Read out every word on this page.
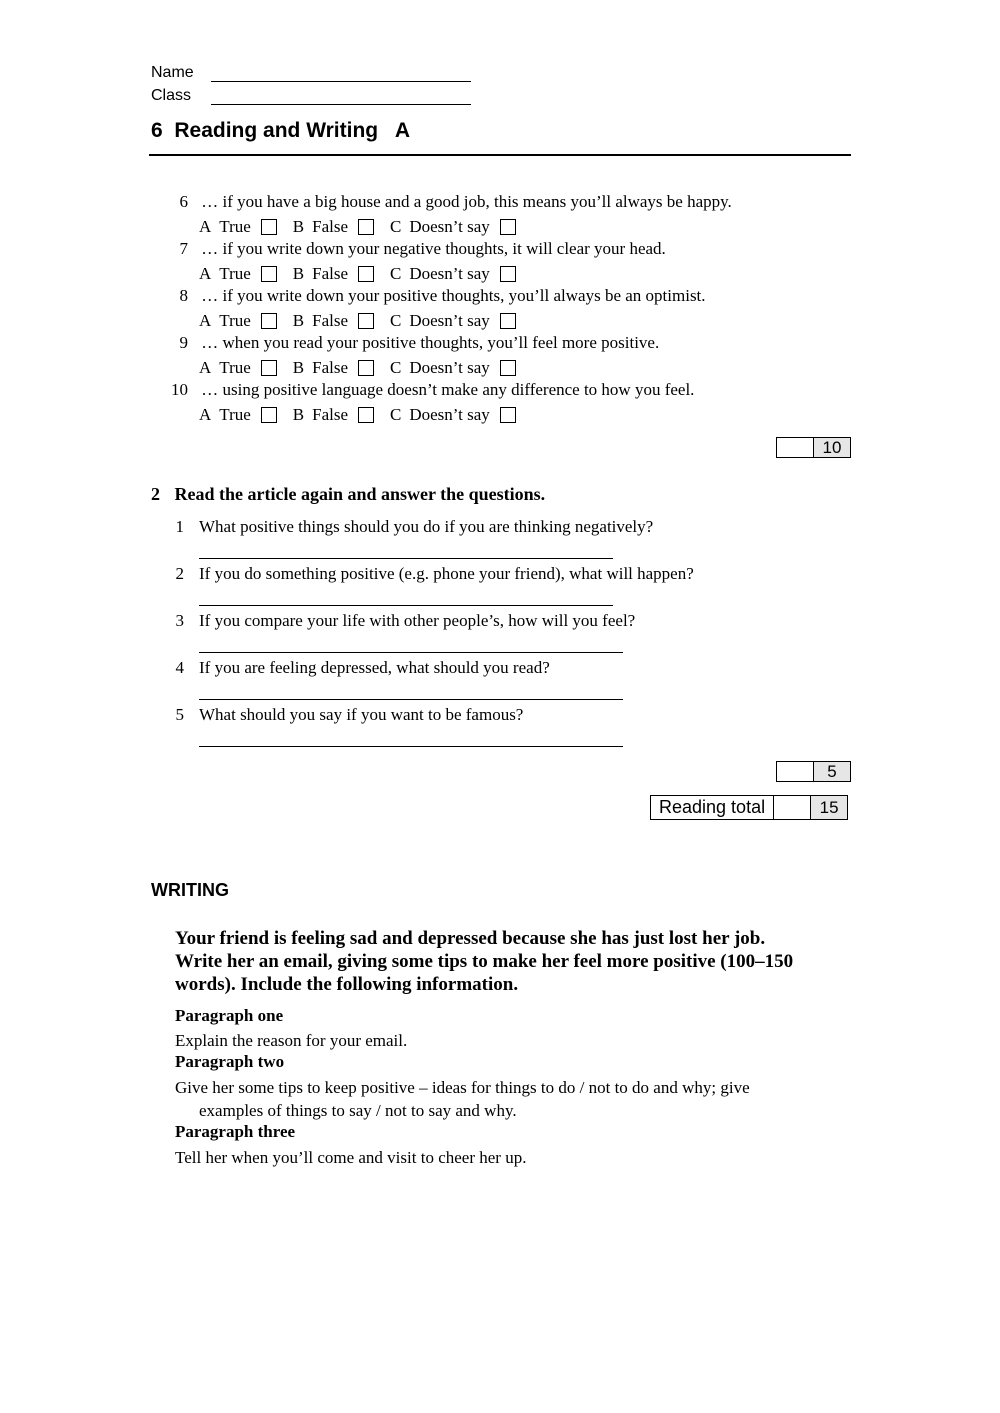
Name
Class
6  Reading and Writing   A
6 … if you have a big house and a good job, this means you’ll always be happy.
A True B False C Doesn’t say
7 … if you write down your negative thoughts, it will clear your head.
A True B False C Doesn’t say
8 … if you write down your positive thoughts, you’ll always be an optimist.
A True B False C Doesn’t say
9 … when you read your positive thoughts, you’ll feel more positive.
A True B False C Doesn’t say
10 … using positive language doesn’t make any difference to how you feel.
A True B False C Doesn’t say
10
2 Read the article again and answer the questions.
1 What positive things should you do if you are thinking negatively?
2 If you do something positive (e.g. phone your friend), what will happen?
3 If you compare your life with other people’s, how will you feel?
4 If you are feeling depressed, what should you read?
5 What should you say if you want to be famous?
5
Reading total	15
WRITING
Your friend is feeling sad and depressed because she has just lost her job.
Write her an email, giving some tips to make her feel more positive (100–150
words). Include the following information.
Paragraph one
Explain the reason for your email.
Paragraph two
Give her some tips to keep positive – ideas for things to do / not to do and why; give
examples of things to say / not to say and why.
Paragraph three
Tell her when you’ll come and visit to cheer her up.
